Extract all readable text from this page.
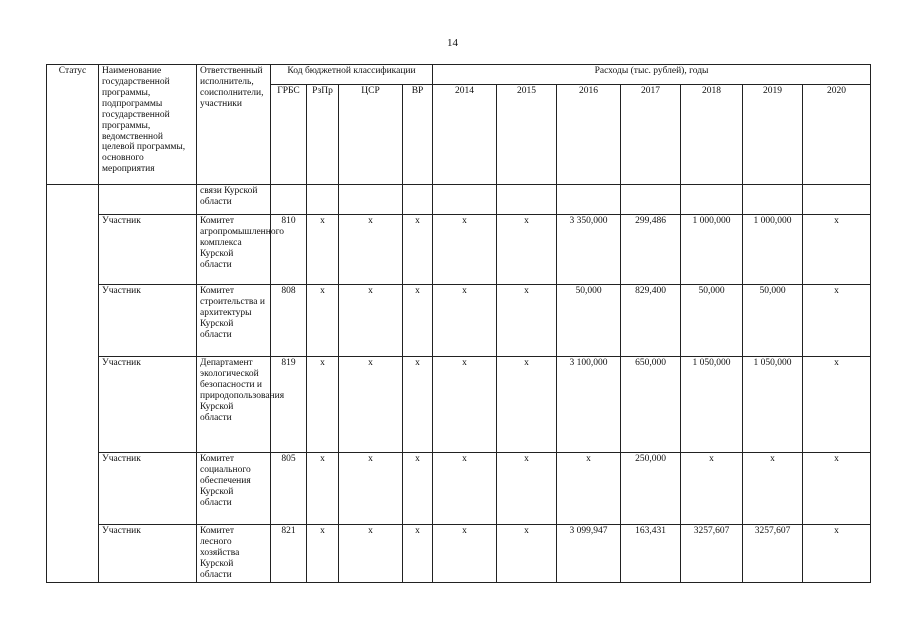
14
Статус	Наименование государственной программы, подпрограммы государственной программы, ведомственной целевой программы, основного мероприятия	Ответственный исполнитель, соисполнители, участники	Код бюджетной классификации				Расходы (тыс. рублей), годы						
			ГРБС	РзПр	ЦСР	ВР	2014	2015	2016	2017	2018	2019	2020
		связи Курской области											
	Участник	Комитет агропромышленного комплекса Курской области	810	x	x	x	x	x	3 350,000	299,486	1 000,000	1 000,000	x
	Участник	Комитет строительства и архитектуры Курской области	808	x	x	x	x	x	50,000	829,400	50,000	50,000	x
	Участник	Департамент экологической безопасности и природопользования Курской области	819	x	x	x	x	x	3 100,000	650,000	1 050,000	1 050,000	x
	Участник	Комитет социального обеспечения Курской области	805	x	x	x	x	x	x	250,000	x	x	x
	Участник	Комитет лесного хозяйства Курской области	821	x	x	x	x	x	3 099,947	163,431	3257,607	3257,607	x
